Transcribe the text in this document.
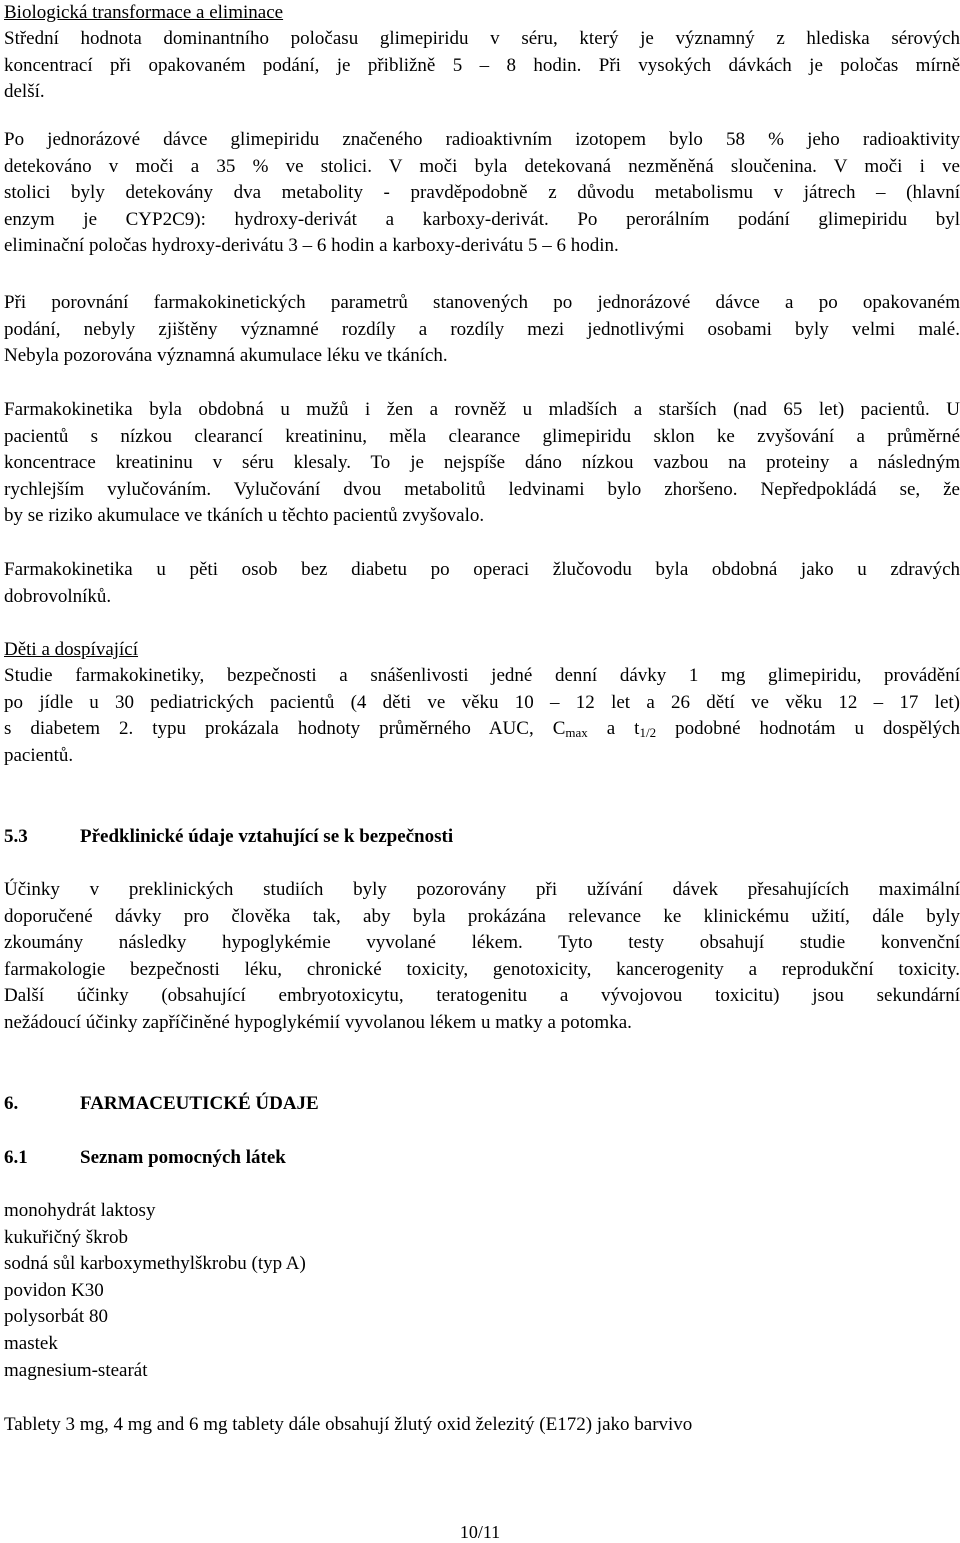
Biologická transformace a eliminace
Střední hodnota dominantního poločasu glimepiridu v séru, který je významný z hlediska sérových
koncentrací při opakovaném podání, je přibližně 5 – 8 hodin. Při vysokých dávkách je poločas mírně
delší.
Po jednorázové dávce glimepiridu značeného radioaktivním izotopem bylo 58 % jeho radioaktivity
detekováno v moči a 35 % ve stolici. V moči byla detekovaná nezměněná sloučenina. V moči i ve
stolici byly detekovány dva metabolity - pravděpodobně z důvodu metabolismu v játrech – (hlavní
enzym je CYP2C9): hydroxy-derivát a karboxy-derivát. Po perorálním podání glimepiridu byl
eliminační poločas hydroxy-derivátu 3 – 6 hodin a karboxy-derivátu 5 – 6 hodin.
Při porovnání farmakokinetických parametrů stanovených po jednorázové dávce a po opakovaném
podání, nebyly zjištěny významné rozdíly a rozdíly mezi jednotlivými osobami byly velmi malé.
Nebyla pozorována významná akumulace léku ve tkáních.
Farmakokinetika byla obdobná u mužů i žen a rovněž u mladších a starších (nad 65 let) pacientů. U
pacientů s nízkou clearancí kreatininu, měla clearance glimepiridu sklon ke zvyšování a průměrné
koncentrace kreatininu v séru klesaly. To je nejspíše dáno nízkou vazbou na proteiny a následným
rychlejším vylučováním. Vylučování dvou metabolitů ledvinami bylo zhoršeno. Nepředpokládá se, že
by se riziko akumulace ve tkáních u těchto pacientů zvyšovalo.
Farmakokinetika u pěti osob bez diabetu po operaci žlučovodu byla obdobná jako u zdravých
dobrovolníků.
Děti a dospívající
Studie farmakokinetiky, bezpečnosti a snášenlivosti jedné denní dávky 1 mg glimepiridu, provádění
po jídle u 30 pediatrických pacientů (4 děti ve věku 10 – 12 let a 26 dětí ve věku 12 – 17 let)
s diabetem 2. typu prokázala hodnoty průměrného AUC, $C_{max}$ a $t_{1/2}$ podobné hodnotám u dospělých
pacientů.
5.3	Předklinické údaje vztahující se k bezpečnosti
Účinky v preklinických studiích byly pozorovány při užívání dávek přesahujících maximální
doporučené dávky pro člověka tak, aby byla prokázána relevance ke klinickému užití, dále byly
zkoumány následky hypoglykémie vyvolané lékem. Tyto testy obsahují studie konvenční
farmakologie bezpečnosti léku, chronické toxicity, genotoxicity, kancerogenity a reprodukční toxicity.
Další účinky (obsahující embryotoxicytu, teratogenitu a vývojovou toxicitu) jsou sekundární
nežádoucí účinky zapříčiněné hypoglykémií vyvolanou lékem u matky a potomka.
6.	FARMACEUTICKÉ ÚDAJE
6.1	Seznam pomocných látek
monohydrát laktosy
kukuřičný škrob
sodná sůl karboxymethylškrobu (typ A)
povidon K30
polysorbát 80
mastek
magnesium-stearát
Tablety 3 mg, 4 mg and 6 mg tablety dále obsahují žlutý oxid železitý (E172) jako barvivo
10/11
